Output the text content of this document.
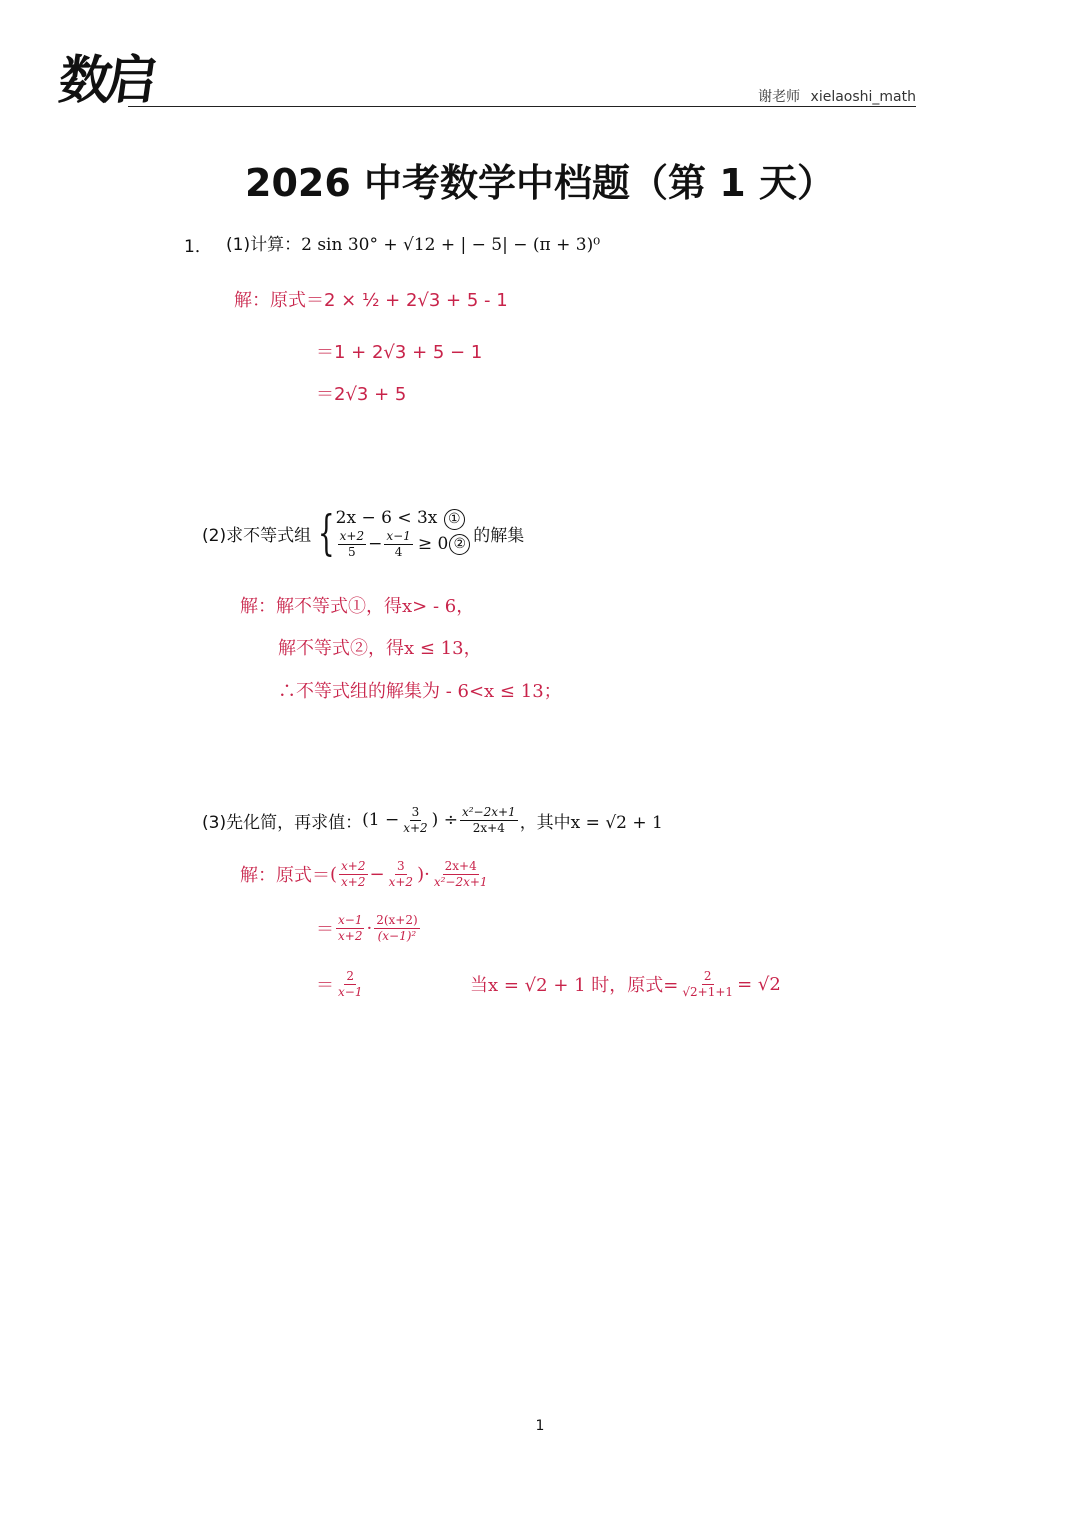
数启	谢老师 xielaoshi_math
2026 中考数学中档题（第 1 天）
1． (1)计算：2 sin 30° + √12 + | − 5| − (π + 3)⁰
解：原式＝2 × ½ + 2√3 + 5 - 1
＝1 + 2√3 + 5 − 1
＝2√3 + 5
(2)求不等式组 { 2x − 6 < 3x ①
$\frac{x+2}{5} - \frac{x-1}{4} \ge 0$ ② 的解集
解：解不等式①，得x> - 6，
解不等式②，得x ≤ 13，
∴不等式组的解集为 - 6<x ≤ 13；
(3)先化简，再求值： ($1 - \frac{3}{x+2}$ ) ÷ $\frac{\text{x²−2x+1}}{2x+4}$ ，其中x = √2 + 1
解：原式＝ ( $\frac{x+2}{x+2} - \frac{3}{x+2}$ )· $\frac{2x+4}{\text{x²−2x+1}}$
＝ $\frac{x-1}{x+2} \cdot \frac{2(x+2)}{\text{(x−1)²}}$
＝ $\frac{2}{x-1}$	当x = √2 + 1 时，原式= $\frac{2}{√2+1+1} = √2$
1
